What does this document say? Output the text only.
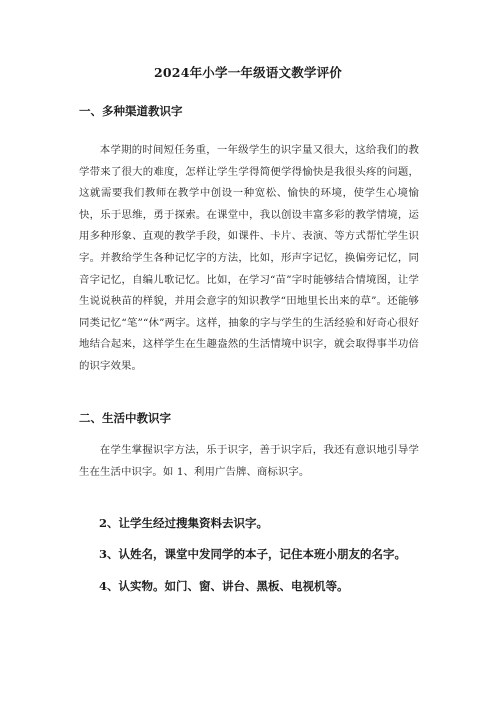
2024年小学一年级语文教学评价
一、多种渠道教识字
本学期的时间短任务重，一年级学生的识字量又很大，这给我们的教学带来了很大的难度，怎样让学生学得简便学得愉快是我很头疼的问题，这就需要我们教师在教学中创设一种宽松、愉快的环境，使学生心境愉快，乐于思维，勇于探索。在课堂中，我以创设丰富多彩的教学情境，运用多种形象、直观的教学手段，如课件、卡片、表演、等方式帮忙学生识字。并教给学生各种记忆字的方法，比如，形声字记忆，换偏旁记忆，同音字记忆，自编儿歌记忆。比如，在学习“苗”字时能够结合情境图，让学生说说秧苗的样貌，并用会意字的知识教学“田地里长出来的草”。还能够同类记忆“笔”“休”两字。这样，抽象的字与学生的生活经验和好奇心很好地结合起来，这样学生在生趣盎然的生活情境中识字，就会取得事半功倍的识字效果。
二、生活中教识字
在学生掌握识字方法，乐于识字，善于识字后，我还有意识地引导学生在生活中识字。如 1、利用广告牌、商标识字。
2、让学生经过搜集资料去识字。
3、认姓名，课堂中发同学的本子，记住本班小朋友的名字。
4、认实物。如门、窗、讲台、黑板、电视机等。
